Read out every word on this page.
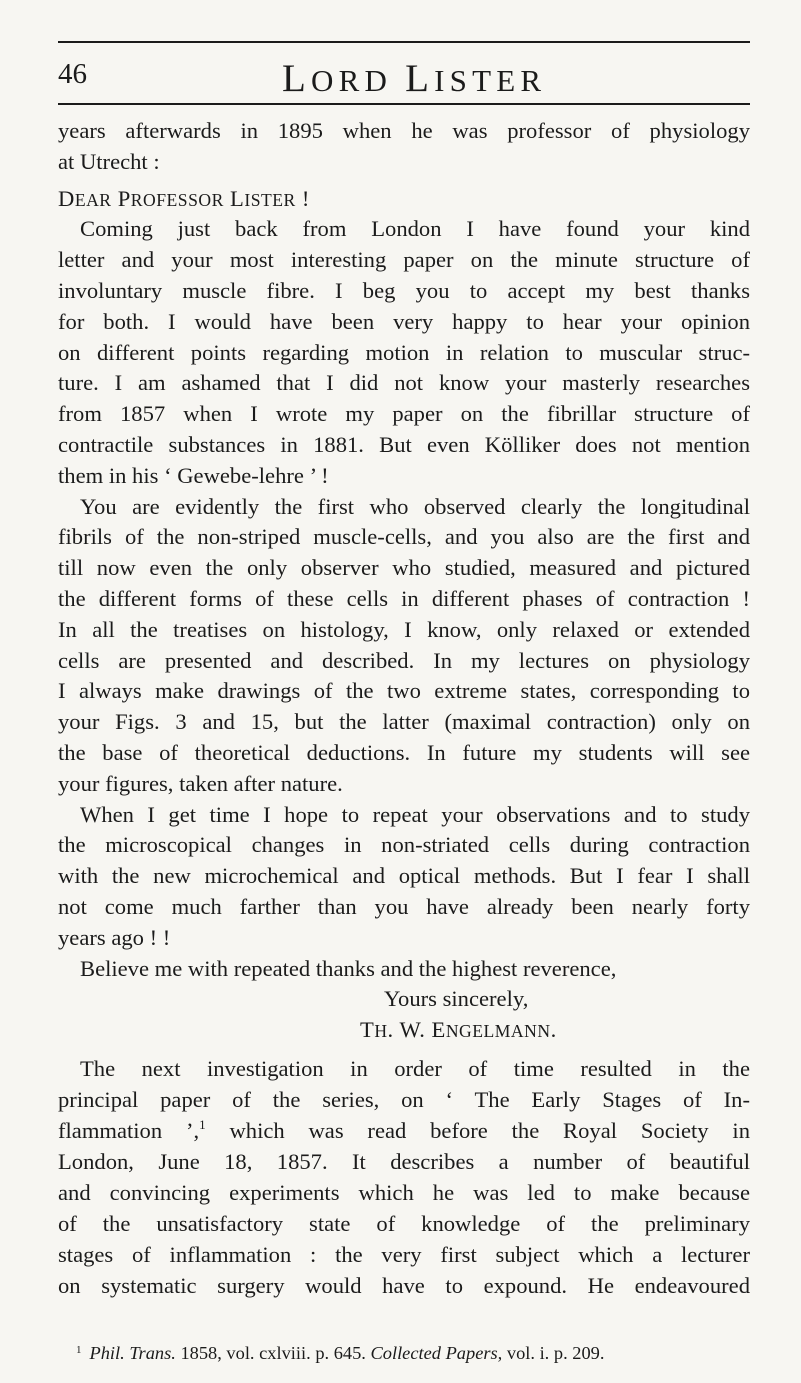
46	LORD LISTER
years afterwards in 1895 when he was professor of physiology
at Utrecht :
DEAR PROFESSOR LISTER !
Coming just back from London I have found your kind
letter and your most interesting paper on the minute structure of
involuntary muscle fibre. I beg you to accept my best thanks
for both. I would have been very happy to hear your opinion
on different points regarding motion in relation to muscular struc-
ture. I am ashamed that I did not know your masterly researches
from 1857 when I wrote my paper on the fibrillar structure of
contractile substances in 1881. But even Kölliker does not mention
them in his ‘ Gewebe-lehre ’ !
You are evidently the first who observed clearly the longitudinal
fibrils of the non-striped muscle-cells, and you also are the first and
till now even the only observer who studied, measured and pictured
the different forms of these cells in different phases of contraction !
In all the treatises on histology, I know, only relaxed or extended
cells are presented and described. In my lectures on physiology
I always make drawings of the two extreme states, corresponding to
your Figs. 3 and 15, but the latter (maximal contraction) only on
the base of theoretical deductions. In future my students will see
your figures, taken after nature.
When I get time I hope to repeat your observations and to study
the microscopical changes in non-striated cells during contraction
with the new microchemical and optical methods. But I fear I shall
not come much farther than you have already been nearly forty
years ago ! !
Believe me with repeated thanks and the highest reverence,
Yours sincerely,
TH. W. ENGELMANN.
The next investigation in order of time resulted in the
principal paper of the series, on ‘ The Early Stages of In-
flammation ’,$^1$ which was read before the Royal Society in
London, June 18, 1857. It describes a number of beautiful
and convincing experiments which he was led to make because
of the unsatisfactory state of knowledge of the preliminary
stages of inflammation : the very first subject which a lecturer
on systematic surgery would have to expound. He endeavoured
$^1$ Phil. Trans. 1858, vol. cxlviii. p. 645. Collected Papers, vol. i. p. 209.
